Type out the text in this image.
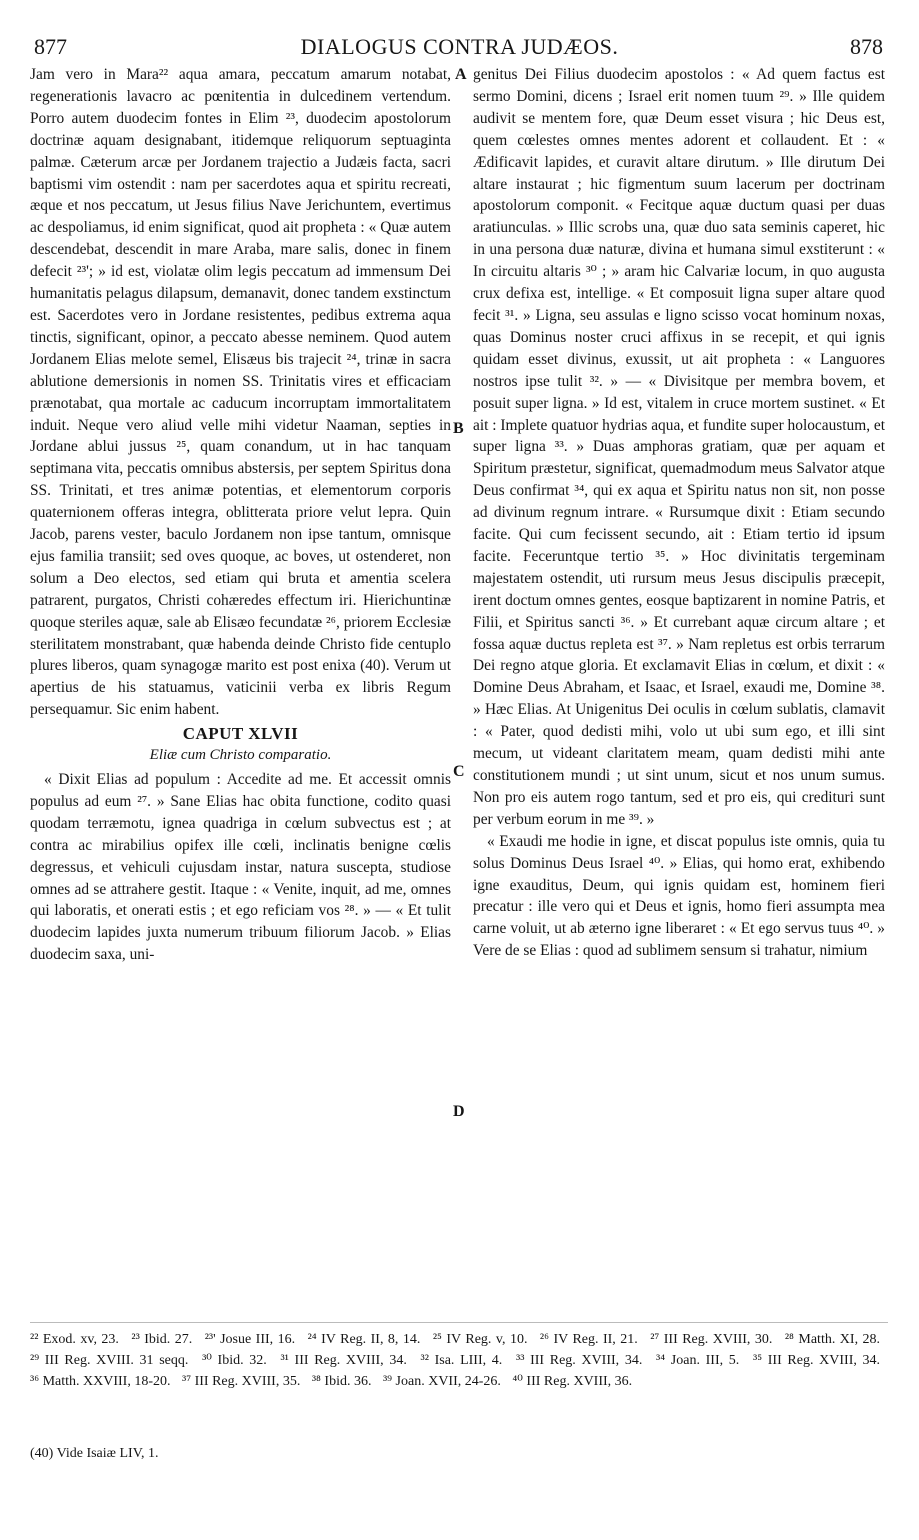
877	DIALOGUS CONTRA JUDÆOS.	878

Jam vero in Mara²² aqua amara, peccatum amarum notabat, regenerationis lavacro ac pœnitentia in dulcedinem vertendum. Porro autem duodecim fontes in Elim ²³, duodecim apostolorum doctrinæ aquam designabant, itidemque reliquorum septuaginta palmæ. Cæterum arcæ per Jordanem trajectio a Judæis facta, sacri baptismi vim ostendit : nam per sacerdotes aqua et spiritu recreati, æque et nos peccatum, ut Jesus filius Nave Jerichuntem, evertimus ac despoliamus, id enim significat, quod ait propheta : « Quæ autem descendebat, descendit in mare Araba, mare salis, donec in finem defecit ²³'; » id est, violatæ olim legis peccatum ad immensum Dei humanitatis pelagus dilapsum, demanavit, donec tandem exstinctum est. Sacerdotes vero in Jordane resistentes, pedibus extrema aqua tinctis, significant, opinor, a peccato abesse neminem. Quod autem Jordanem Elias melote semel, Elisæus bis trajecit ²⁴, trinæ in sacra ablutione demersionis in nomen SS. Trinitatis vires et efficaciam prænotabat, qua mortale ac caducum incorruptam immortalitatem induit. Neque vero aliud velle mihi videtur Naaman, septies in Jordane ablui jussus ²⁵, quam conandum, ut in hac tanquam septimana vita, peccatis omnibus abstersis, per septem Spiritus dona SS. Trinitati, et tres animæ potentias, et elementorum corporis quaternionem offeras integra, oblitterata priore velut lepra. Quin Jacob, parens vester, baculo Jordanem non ipse tantum, omnisque ejus familia transiit; sed oves quoque, ac boves, ut ostenderet, non solum a Deo electos, sed etiam qui bruta et amentia scelera patrarent, purgatos, Christi cohæredes effectum iri. Hierichuntinæ quoque steriles aquæ, sale ab Elisæo fecundatæ ²⁶, priorem Ecclesiæ sterilitatem monstrabant, quæ habenda deinde Christo fide centuplo plures liberos, quam synagogæ marito est post enixa (40). Verum ut apertius de his statuamus, vaticinii verba ex libris Regum persequamur. Sic enim habent.

CAPUT XLVII
Eliæ cum Christo comparatio.

« Dixit Elias ad populum : Accedite ad me. Et accessit omnis populus ad eum ²⁷. » Sane Elias hac obita functione, codito quasi quodam terræmotu, ignea quadriga in cœlum subvectus est ; at contra ac mirabilius opifex ille cœli, inclinatis benigne cœlis degressus, et vehiculi cujusdam instar, natura suscepta, studiose omnes ad se attrahere gestit. Itaque : « Venite, inquit, ad me, omnes qui laboratis, et onerati estis ; et ego reficiam vos ²⁸. » — « Et tulit duodecim lapides juxta numerum tribuum filiorum Jacob. » Elias duodecim saxa, uni-

A
B
C
D

genitus Dei Filius duodecim apostolos : « Ad quem factus est sermo Domini, dicens ; Israel erit nomen tuum ²⁹. » Ille quidem audivit se mentem fore, quæ Deum esset visura ; hic Deus est, quem cœlestes omnes mentes adorent et collaudent. Et : « Ædificavit lapides, et curavit altare dirutum. » Ille dirutum Dei altare instaurat ; hic figmentum suum lacerum per doctrinam apostolorum componit. « Fecitque aquæ ductum quasi per duas aratiunculas. » Illic scrobs una, quæ duo sata seminis caperet, hic in una persona duæ naturæ, divina et humana simul exstiterunt : « In circuitu altaris ³⁰ ; » aram hic Calvariæ locum, in quo augusta crux defixa est, intellige. « Et composuit ligna super altare quod fecit ³¹. » Ligna, seu assulas e ligno scisso vocat hominum noxas, quas Dominus noster cruci affixus in se recepit, et qui ignis quidam esset divinus, exussit, ut ait propheta : « Languores nostros ipse tulit ³². » — « Divisitque per membra bovem, et posuit super ligna. » Id est, vitalem in cruce mortem sustinet. « Et ait : Implete quatuor hydrias aqua, et fundite super holocaustum, et super ligna ³³. » Duas amphoras gratiam, quæ per aquam et Spiritum præstetur, significat, quemadmodum meus Salvator atque Deus confirmat ³⁴, qui ex aqua et Spiritu natus non sit, non posse ad divinum regnum intrare. « Rursumque dixit : Etiam secundo facite. Qui cum fecissent secundo, ait : Etiam tertio id ipsum facite. Feceruntque tertio ³⁵. » Hoc divinitatis tergeminam majestatem ostendit, uti rursum meus Jesus discipulis præcepit, irent doctum omnes gentes, eosque baptizarent in nomine Patris, et Filii, et Spiritus sancti ³⁶. » Et currebant aquæ circum altare ; et fossa aquæ ductus repleta est ³⁷. » Nam repletus est orbis terrarum Dei regno atque gloria. Et exclamavit Elias in cœlum, et dixit : « Domine Deus Abraham, et Isaac, et Israel, exaudi me, Domine ³⁸. » Hæc Elias. At Unigenitus Dei oculis in cœlum sublatis, clamavit : « Pater, quod dedisti mihi, volo ut ubi sum ego, et illi sint mecum, ut videant claritatem meam, quam dedisti mihi ante constitutionem mundi ; ut sint unum, sicut et nos unum sumus. Non pro eis autem rogo tantum, sed et pro eis, qui credituri sunt per verbum eorum in me ³⁹. »

« Exaudi me hodie in igne, et discat populus iste omnis, quia tu solus Dominus Deus Israel ⁴⁰. » Elias, qui homo erat, exhibendo igne exauditus, Deum, qui ignis quidam est, hominem fieri precatur : ille vero qui et Deus et ignis, homo fieri assumpta mea carne voluit, ut ab æterno igne liberaret : « Et ego servus tuus ⁴⁰. » Vere de se Elias : quod ad sublimem sensum si trahatur, nimium

²² Exod. xv, 23. ²³ Ibid. 27. ²³' Josue III, 16. ²⁴ IV Reg. II, 8, 14. ²⁵ IV Reg. v, 10. ²⁶ IV Reg. II, 21. ²⁷ III Reg. XVIII, 30. ²⁸ Matth. XI, 28. ²⁹ III Reg. XVIII. 31 seqq. ³⁰ Ibid. 32. ³¹ III Reg. XVIII, 34. ³² Isa. LIII, 4. ³³ III Reg. XVIII, 34. ³⁴ Joan. III, 5. ³⁵ III Reg. XVIII, 34. ³⁶ Matth. XXVIII, 18-20. ³⁷ III Reg. XVIII, 35. ³⁸ Ibid. 36. ³⁹ Joan. XVII, 24-26. ⁴⁰ III Reg. XVIII, 36.
(40) Vide Isaiæ LIV, 1.
